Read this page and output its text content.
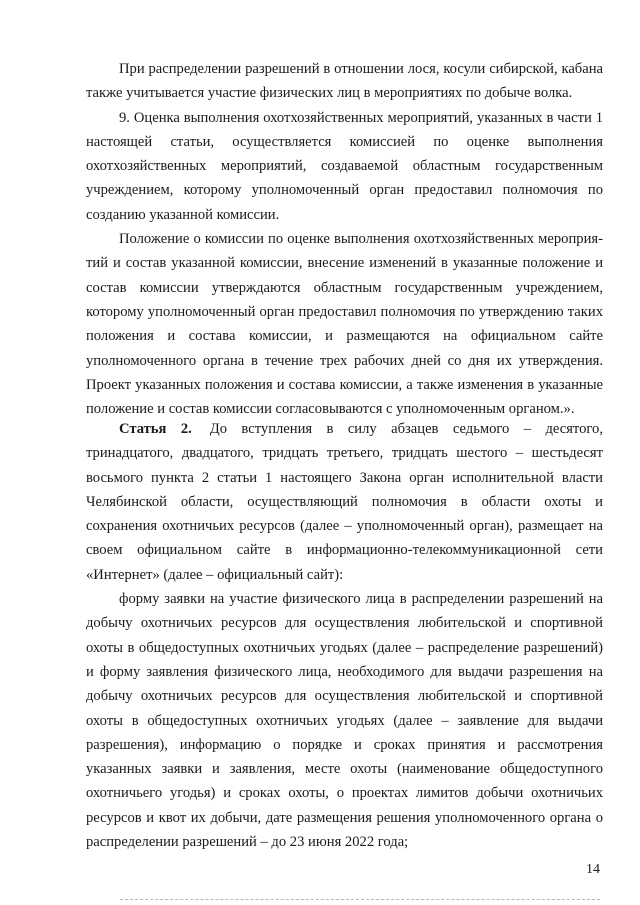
При распределении разрешений в отношении лося, косули сибирской, кабана также учитывается участие физических лиц в мероприятиях по добыче волка.

9. Оценка выполнения охотхозяйственных мероприятий, указанных в части 1 настоящей статьи, осуществляется комиссией по оценке выполнения охотхозяйственных мероприятий, создаваемой областным государственным учреждением, которому уполномоченный орган предоставил полномочия по созданию указанной комиссии.

Положение о комиссии по оценке выполнения охотхозяйственных мероприятий и состав указанной комиссии, внесение изменений в указанные положение и состав комиссии утверждаются областным государственным учреждением, которому уполномоченный орган предоставил полномочия по утверждению таких положения и состава комиссии, и размещаются на официальном сайте уполномоченного органа в течение трех рабочих дней со дня их утверждения. Проект указанных положения и состава комиссии, а также изменения в указанные положение и состав комиссии согласовываются с уполномоченным органом.».

Статья 2. До вступления в силу абзацев седьмого – десятого, тринадцатого, двадцатого, тридцать третьего, тридцать шестого – шестьдесят восьмого пункта 2 статьи 1 настоящего Закона орган исполнительной власти Челябинской области, осуществляющий полномочия в области охоты и сохранения охотничьих ресурсов (далее – уполномоченный орган), размещает на своем официальном сайте в информационно-телекоммуникационной сети «Интернет» (далее – официальный сайт):

форму заявки на участие физического лица в распределении разрешений на добычу охотничьих ресурсов для осуществления любительской и спортивной охоты в общедоступных охотничьих угодьях (далее – распределение разрешений) и форму заявления физического лица, необходимого для выдачи разрешения на добычу охотничьих ресурсов для осуществления любительской и спортивной охоты в общедоступных охотничьих угодьях (далее – заявление для выдачи разрешения), информацию о порядке и сроках принятия и рассмотрения указанных заявки и заявления, месте охоты (наименование общедоступного охотничьего угодья) и сроках охоты, о проектах лимитов добычи охотничьих ресурсов и квот их добычи, дате размещения решения уполномоченного органа о распределении разрешений – до 23 июня 2022 года;

14
